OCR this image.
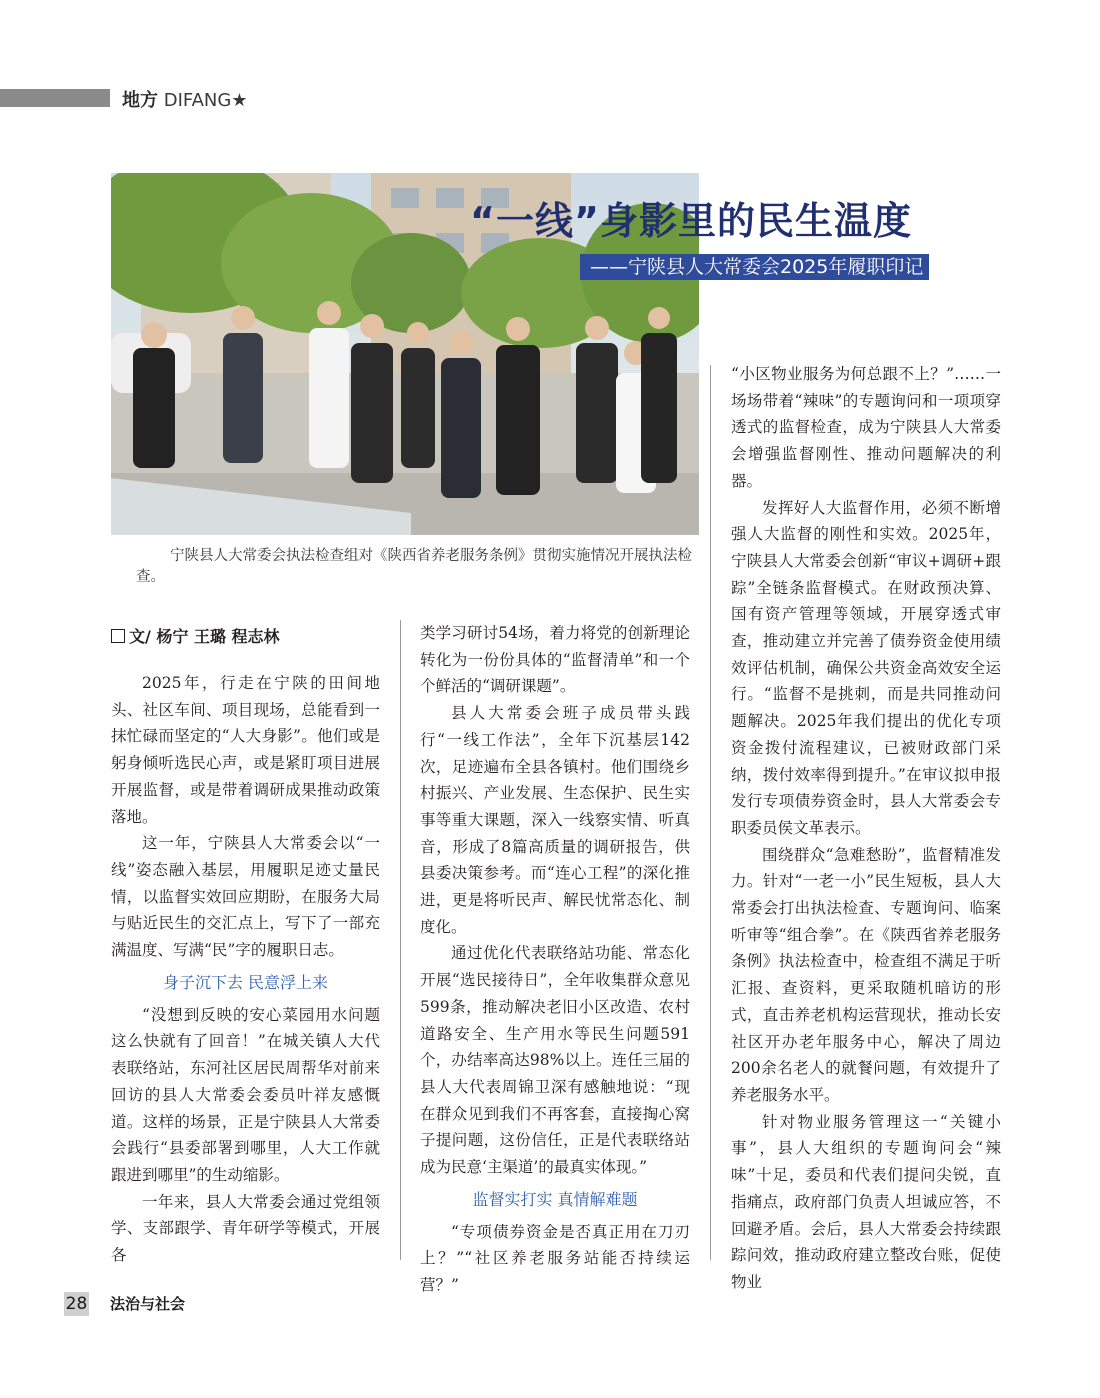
地方 DIFANG★
“一线”身影里的民生温度
——宁陕县人大常委会2025年履职印记
宁陕县人大常委会执法检查组对《陕西省养老服务条例》贯彻实施情况开展执法检查。
文/ 杨宁 王璐 程志林

2025年，行走在宁陕的田间地头、社区车间、项目现场，总能看到一抹忙碌而坚定的“人大身影”。他们或是躬身倾听选民心声，或是紧盯项目进展开展监督，或是带着调研成果推动政策落地。

这一年，宁陕县人大常委会以“一线”姿态融入基层，用履职足迹丈量民情，以监督实效回应期盼，在服务大局与贴近民生的交汇点上，写下了一部充满温度、写满“民”字的履职日志。

身子沉下去 民意浮上来

“没想到反映的安心菜园用水问题这么快就有了回音！”在城关镇人大代表联络站，东河社区居民周帮华对前来回访的县人大常委会委员叶祥友感慨道。这样的场景，正是宁陕县人大常委会践行“县委部署到哪里，人大工作就跟进到哪里”的生动缩影。

一年来，县人大常委会通过党组领学、支部跟学、青年研学等模式，开展各

类学习研讨54场，着力将党的创新理论转化为一份份具体的“监督清单”和一个个鲜活的“调研课题”。

县人大常委会班子成员带头践行“一线工作法”，全年下沉基层142次，足迹遍布全县各镇村。他们围绕乡村振兴、产业发展、生态保护、民生实事等重大课题，深入一线察实情、听真音，形成了8篇高质量的调研报告，供县委决策参考。而“连心工程”的深化推进，更是将听民声、解民忧常态化、制度化。

通过优化代表联络站功能、常态化开展“选民接待日”，全年收集群众意见599条，推动解决老旧小区改造、农村道路安全、生产用水等民生问题591个，办结率高达98%以上。连任三届的县人大代表周锦卫深有感触地说：“现在群众见到我们不再客套，直接掏心窝子提问题，这份信任，正是代表联络站成为民意‘主渠道’的最真实体现。”

监督实打实 真情解难题

“专项债券资金是否真正用在刀刃上？”“社区养老服务站能否持续运营？”

“小区物业服务为何总跟不上？”……一场场带着“辣味”的专题询问和一项项穿透式的监督检查，成为宁陕县人大常委会增强监督刚性、推动问题解决的利器。

发挥好人大监督作用，必须不断增强人大监督的刚性和实效。2025年，宁陕县人大常委会创新“审议+调研+跟踪”全链条监督模式。在财政预决算、国有资产管理等领域，开展穿透式审查，推动建立并完善了债券资金使用绩效评估机制，确保公共资金高效安全运行。“监督不是挑刺，而是共同推动问题解决。2025年我们提出的优化专项资金拨付流程建议，已被财政部门采纳，拨付效率得到提升。”在审议拟申报发行专项债券资金时，县人大常委会专职委员侯文革表示。

围绕群众“急难愁盼”，监督精准发力。针对“一老一小”民生短板，县人大常委会打出执法检查、专题询问、临案听审等“组合拳”。在《陕西省养老服务条例》执法检查中，检查组不满足于听汇报、查资料，更采取随机暗访的形式，直击养老机构运营现状，推动长安社区开办老年服务中心，解决了周边200余名老人的就餐问题，有效提升了养老服务水平。

针对物业服务管理这一“关键小事”，县人大组织的专题询问会“辣味”十足，委员和代表们提问尖锐，直指痛点，政府部门负责人坦诚应答，不回避矛盾。会后，县人大常委会持续跟踪问效，推动政府建立整改台账，促使物业

28 法治与社会
